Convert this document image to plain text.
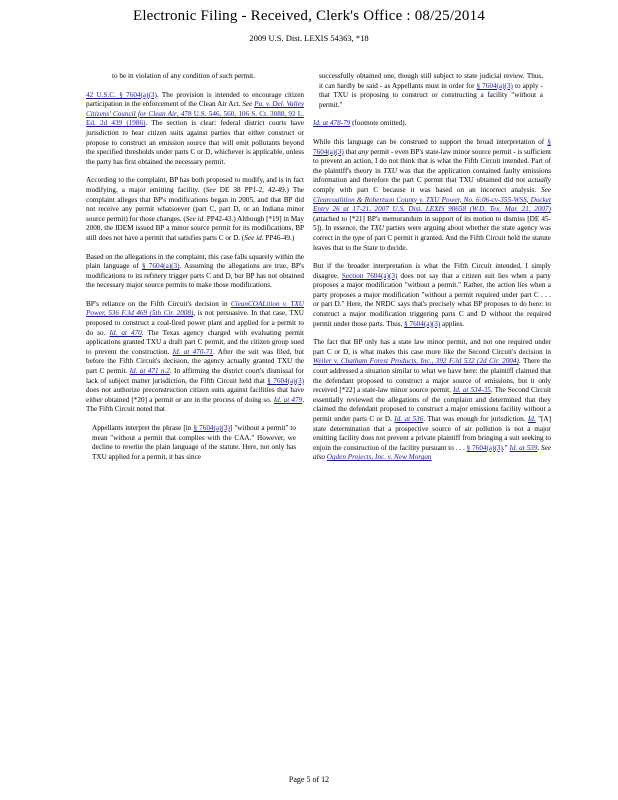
Electronic Filing - Received, Clerk's Office : 08/25/2014
2009 U.S. Dist. LEXIS 54363, *18

to be in violation of any condition of such permit.

42 U.S.C. § 7604(a)(3). The provision is intended to encourage citizen participation in the enforcement of the Clean Air Act. See Pa. v. Del. Valley Citizens' Council for Clean Air, 478 U.S. 546, 560, 106 S. Ct. 3088, 92 L. Ed. 2d 439 (1986). The section is clear: federal district courts have jurisdiction to hear citizen suits against parties that either construct or propose to construct an emission source that will emit pollutants beyond the specified thresholds under parts C or D, whichever is applicable, unless the party has first obtained the necessary permit.

According to the complaint, BP has both proposed to modify, and is in fact modifying, a major emitting facility. (See DE 38 PP1-2, 42-49.) The complaint alleges that BP's modifications began in 2005, and that BP did not receive any permit whatsoever (part C, part D, or an Indiana minor source permit) for those changes. (See id. PP42-43.) Although [*19] in May 2008, the IDEM issued BP a minor source permit for its modifications, BP still does not have a permit that satisfies parts C or D. (See id. PP46-49.)

Based on the allegations in the complaint, this case falls squarely within the plain language of § 7604(a)(3). Assuming the allegations are true, BP's modifications to its refinery trigger parts C and D, but BP has not obtained the necessary major source permits to make those modifications.

BP's reliance on the Fifth Circuit's decision in CleanCOALition v. TXU Power, 536 F.3d 469 (5th Cir. 2008), is not persuasive. In that case, TXU proposed to construct a coal-fired power plant and applied for a permit to do so. Id. at 470. The Texas agency charged with evaluating permit applications granted TXU a draft part C permit, and the citizen group sued to prevent the construction. Id. at 470-71. After the suit was filed, but before the Fifth Circuit's decision, the agency actually granted TXU the part C permit. Id. at 471 n.2. In affirming the district court's dismissal for lack of subject matter jurisdiction, the Fifth Circuit held that § 7604(a)(3) does not authorize preconstruction citizen suits against facilities that have either obtained [*20] a permit or are in the process of doing so. Id. at 479. The Fifth Circuit noted that

Appellants interpret the phrase [in § 7604(a)(3)] "without a permit" to mean "without a permit that complies with the CAA." However, we decline to rewrite the plain language of the statute. Here, not only has TXU applied for a permit, it has since

successfully obtained one, though still subject to state judicial review. Thus, it can hardly be said - as Appellants must in order for § 7604(a)(3) to apply - that TXU is proposing to construct or constructing a facility "without a permit."

Id. at 478-79 (footnote omitted).

While this language can be construed to support the broad interpretation of § 7604(a)(3) that any permit - even BP's state-law minor source permit - is sufficient to prevent an action, I do not think that is what the Fifth Circuit intended. Part of the plaintiff's theory in TXU was that the application contained faulty emissions information and therefore the part C permit that TXU obtained did not actually comply with part C because it was based on an incorrect analysis. See Clearcoalition & Robertson County v. TXU Power, No. 6:06-cv-355-WSS, Docket Entry 26 at 17-21, 2007 U.S. Dist. LEXIS 98658 (W.D. Tex. Mar. 21, 2007) (attached to [*21] BP's memorandum in support of its motion to dismiss [DE 45-5]). In essence, the TXU parties were arguing about whether the state agency was correct in the type of part C permit it granted. And the Fifth Circuit held the statute leaves that to the State to decide.

But if the broader interpretation is what the Fifth Circuit intended, I simply disagree. Section 7604(a)(3) does not say that a citizen suit lies when a party proposes a major modification "without a permit." Rather, the action lies when a party proposes a major modification "without a permit required under part C . . . or part D." Here, the NRDC says that's precisely what BP proposes to do here: to construct a major modification triggering parts C and D without the required permit under those parts. Thus, § 7604(a)(3) applies.

The fact that BP only has a state law minor permit, and not one required under part C or D, is what makes this case more like the Second Circuit's decision in Weiler v. Chatham Forest Products, Inc., 392 F.3d 532 (2d Cir. 2004). There the court addressed a situation similar to what we have here: the plaintiff claimed that the defendant proposed to construct a major source of emissions, but it only received [*22] a state-law minor source permit. Id. at 534-35. The Second Circuit essentially reviewed the allegations of the complaint and determined that they claimed the defendant proposed to construct a major emissions facility without a permit under parts C or D. Id. at 536. That was enough for jurisdiction. Id. "[A] state determination that a prospective source of air pollution is not a major emitting facility does not prevent a private plaintiff from bringing a suit seeking to enjoin the construction of the facility pursuant to . . . § 7604(a)(3)." Id. at 539. See also Ogden Projects, Inc. v. New Morgan

Page 5 of 12
